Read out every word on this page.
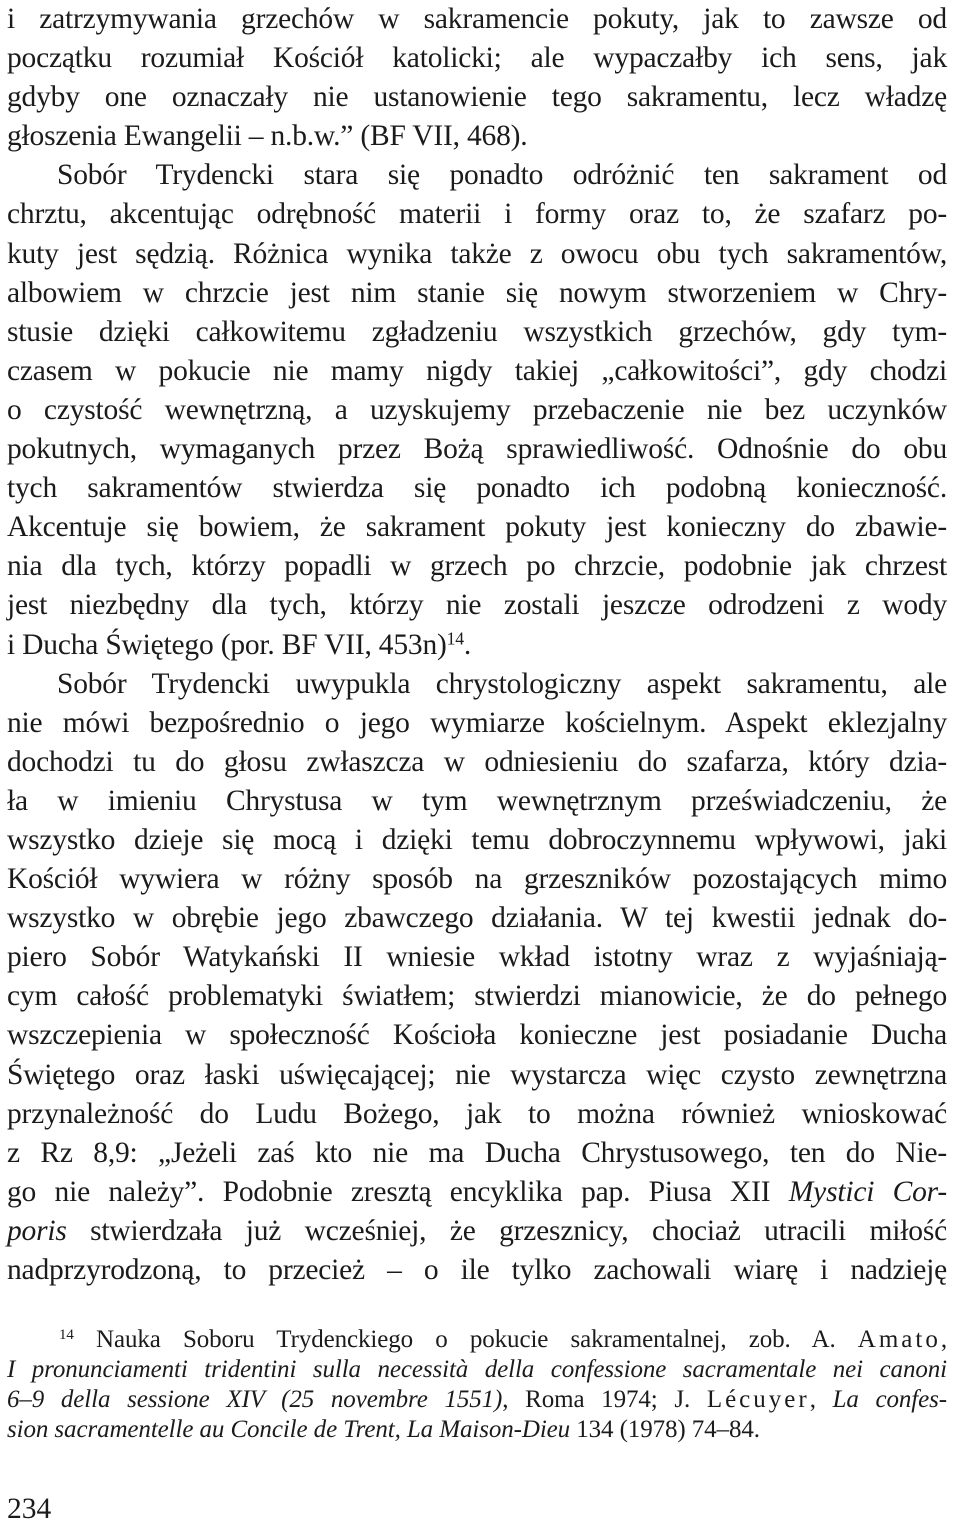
i zatrzymywania grzechów w sakramencie pokuty, jak to zawsze od
początku rozumiał Kościół katolicki; ale wypaczałby ich sens, jak
gdyby one oznaczały nie ustanowienie tego sakramentu, lecz władzę
głoszenia Ewangelii – n.b.w.” (BF VII, 468).
Sobór Trydencki stara się ponadto odróżnić ten sakrament od
chrztu, akcentując odrębność materii i formy oraz to, że szafarz po-
kuty jest sędzią. Różnica wynika także z owocu obu tych sakramentów,
albowiem w chrzcie jest nim stanie się nowym stworzeniem w Chry-
stusie dzięki całkowitemu zgładzeniu wszystkich grzechów, gdy tym-
czasem w pokucie nie mamy nigdy takiej „całkowitości”, gdy chodzi
o czystość wewnętrzną, a uzyskujemy przebaczenie nie bez uczynków
pokutnych, wymaganych przez Bożą sprawiedliwość. Odnośnie do obu
tych sakramentów stwierdza się ponadto ich podobną konieczność.
Akcentuje się bowiem, że sakrament pokuty jest konieczny do zbawie-
nia dla tych, którzy popadli w grzech po chrzcie, podobnie jak chrzest
jest niezbędny dla tych, którzy nie zostali jeszcze odrodzeni z wody
i Ducha Świętego (por. BF VII, 453n)$^{14}$.
Sobór Trydencki uwypukla chrystologiczny aspekt sakramentu, ale
nie mówi bezpośrednio o jego wymiarze kościelnym. Aspekt eklezjalny
dochodzi tu do głosu zwłaszcza w odniesieniu do szafarza, który dzia-
ła w imieniu Chrystusa w tym wewnętrznym przeświadczeniu, że
wszystko dzieje się mocą i dzięki temu dobroczynnemu wpływowi, jaki
Kościół wywiera w różny sposób na grzeszników pozostających mimo
wszystko w obrębie jego zbawczego działania. W tej kwestii jednak do-
piero Sobór Watykański II wniesie wkład istotny wraz z wyjaśniają-
cym całość problematyki światłem; stwierdzi mianowicie, że do pełnego
wszczepienia w społeczność Kościoła konieczne jest posiadanie Ducha
Świętego oraz łaski uświęcającej; nie wystarcza więc czysto zewnętrzna
przynależność do Ludu Bożego, jak to można również wnioskować
z Rz 8,9: „Jeżeli zaś kto nie ma Ducha Chrystusowego, ten do Nie-
go nie należy”. Podobnie zresztą encyklika pap. Piusa XII Mystici Cor-
poris stwierdzała już wcześniej, że grzesznicy, chociaż utracili miłość
nadprzyrodzoną, to przecież – o ile tylko zachowali wiarę i nadzieję
$^{14}$ Nauka Soboru Trydenckiego o pokucie sakramentalnej, zob. A. Amato,
I pronunciamenti tridentini sulla necessità della confessione sacramentale nei canoni
6–9 della sessione XIV (25 novembre 1551), Roma 1974; J. Lécuyer, La confes-
sion sacramentelle au Concile de Trent, La Maison-Dieu 134 (1978) 74–84.
234
